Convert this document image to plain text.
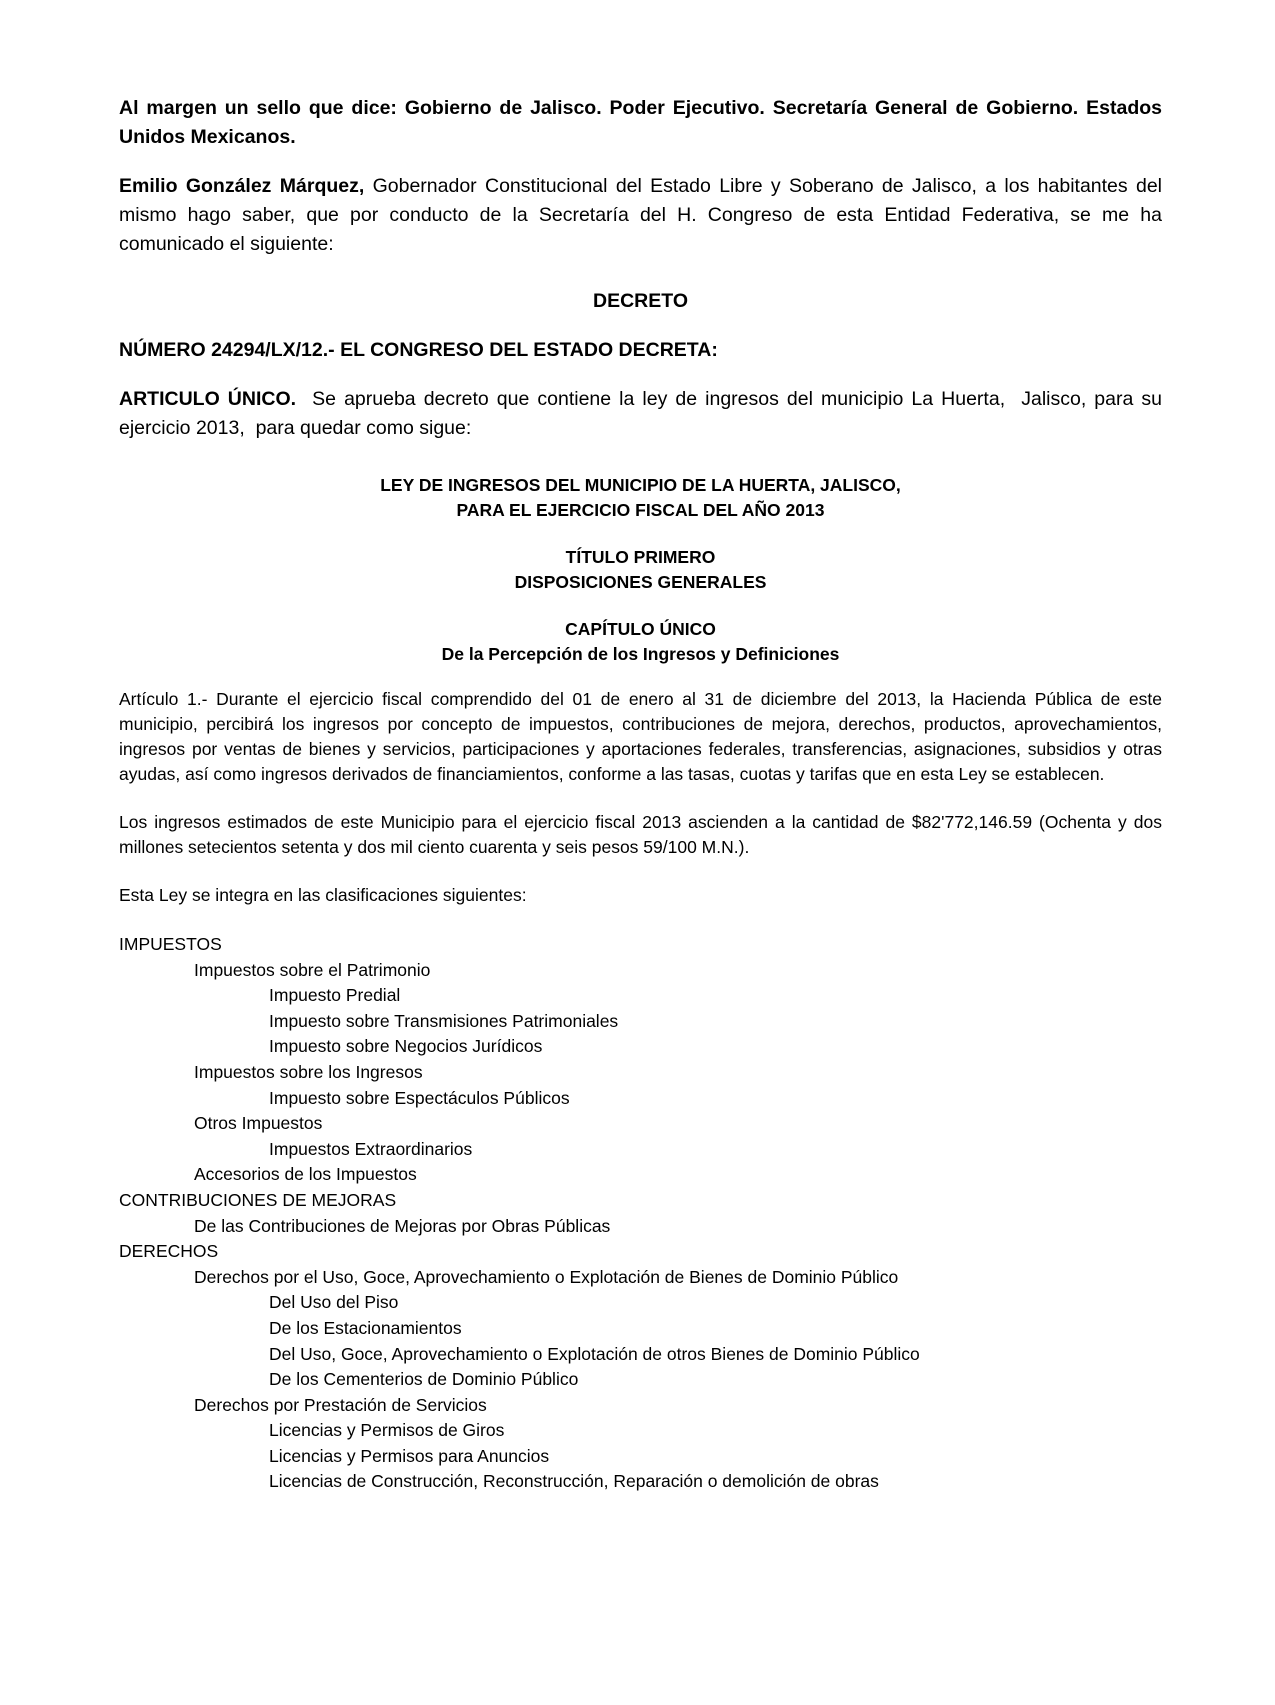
Al margen un sello que dice: Gobierno de Jalisco. Poder Ejecutivo. Secretaría General de Gobierno. Estados Unidos Mexicanos.

Emilio González Márquez, Gobernador Constitucional del Estado Libre y Soberano de Jalisco, a los habitantes del mismo hago saber, que por conducto de la Secretaría del H. Congreso de esta Entidad Federativa, se me ha comunicado el siguiente:

DECRETO

NÚMERO 24294/LX/12.- EL CONGRESO DEL ESTADO DECRETA:

ARTICULO ÚNICO.  Se aprueba decreto que contiene la ley de ingresos del municipio La Huerta,  Jalisco, para su ejercicio 2013,  para quedar como sigue:

LEY DE INGRESOS DEL MUNICIPIO DE LA HUERTA, JALISCO,

PARA EL EJERCICIO FISCAL DEL AÑO 2013

TÍTULO PRIMERO

DISPOSICIONES GENERALES

CAPÍTULO ÚNICO

De la Percepción de los Ingresos y Definiciones

Artículo 1.- Durante el ejercicio fiscal comprendido del 01 de enero al 31 de diciembre del 2013, la Hacienda Pública de este municipio, percibirá los ingresos por concepto de impuestos, contribuciones de mejora, derechos, productos, aprovechamientos, ingresos por ventas de bienes y servicios, participaciones y aportaciones federales, transferencias, asignaciones, subsidios y otras ayudas, así como ingresos derivados de financiamientos, conforme a las tasas, cuotas y tarifas que en esta Ley se establecen.

Los ingresos estimados de este Municipio para el ejercicio fiscal 2013 ascienden a la cantidad de $82'772,146.59 (Ochenta y dos millones setecientos setenta y dos mil ciento cuarenta y seis pesos 59/100 M.N.).

Esta Ley se integra en las clasificaciones siguientes:

IMPUESTOS
Impuestos sobre el Patrimonio
Impuesto Predial
Impuesto sobre Transmisiones Patrimoniales
Impuesto sobre Negocios Jurídicos
Impuestos sobre los Ingresos
Impuesto sobre Espectáculos Públicos
Otros Impuestos
Impuestos Extraordinarios
Accesorios de los Impuestos
CONTRIBUCIONES DE MEJORAS
De las Contribuciones de Mejoras por Obras Públicas
DERECHOS
Derechos por el Uso, Goce, Aprovechamiento o Explotación de Bienes de Dominio Público
Del Uso del Piso
De los Estacionamientos
Del Uso, Goce, Aprovechamiento o Explotación de otros Bienes de Dominio Público
De los Cementerios de Dominio Público
Derechos por Prestación de Servicios
Licencias y Permisos de Giros
Licencias y Permisos para Anuncios
Licencias de Construcción, Reconstrucción, Reparación o demolición de obras
